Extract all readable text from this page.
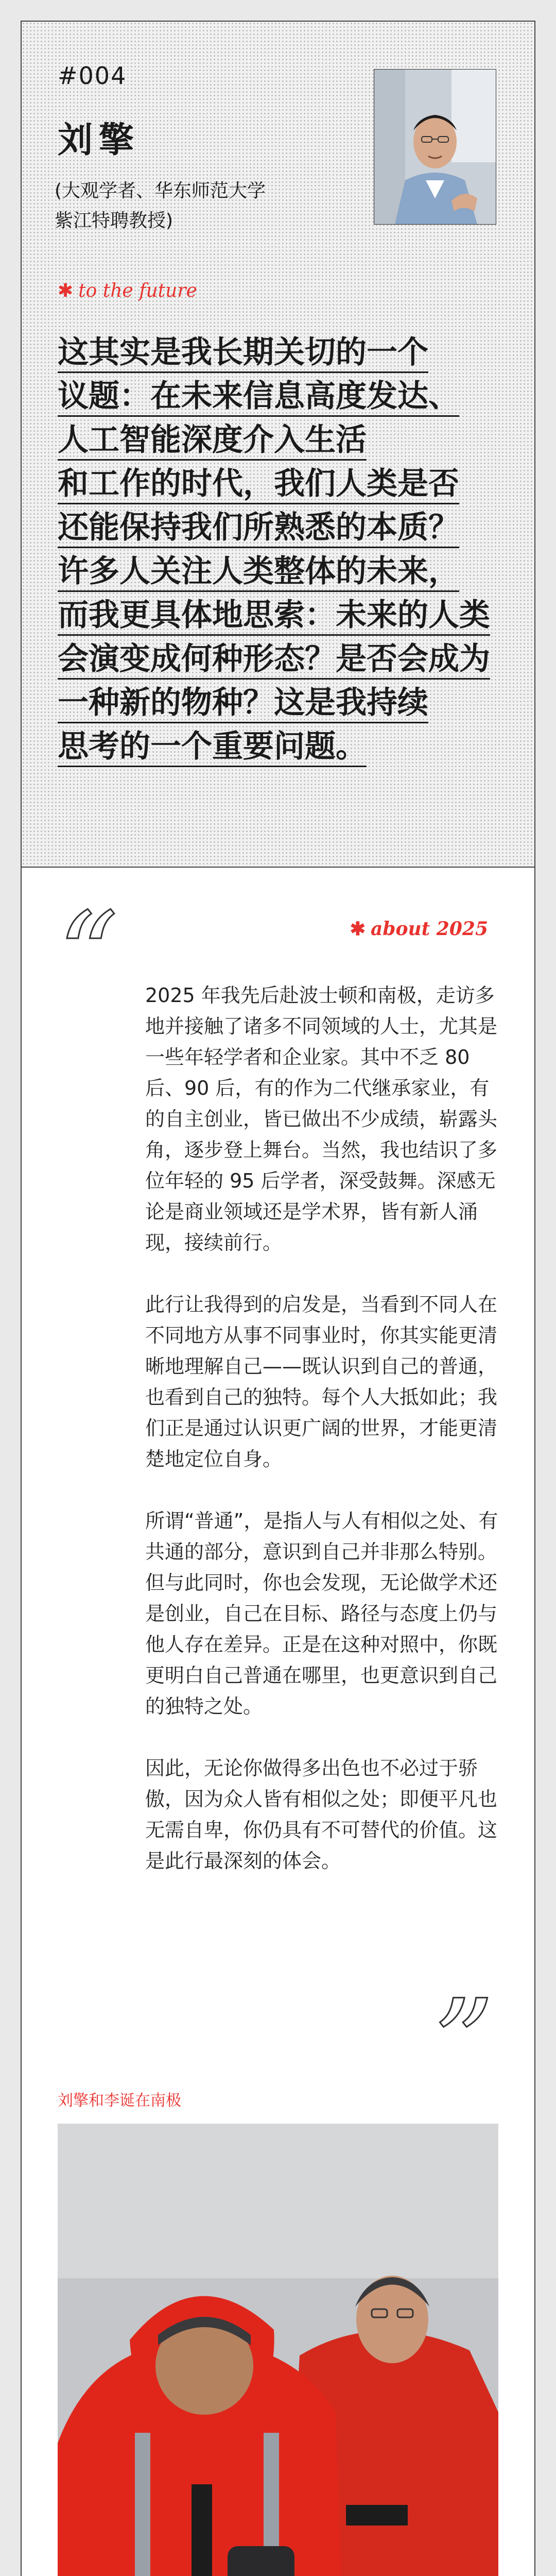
#004
刘擎
(大观学者、华东师范大学
紫江特聘教授)
✱ to the future
这其实是我长期关切的一个
议题：在未来信息高度发达、
人工智能深度介入生活
和工作的时代，我们人类是否
还能保持我们所熟悉的本质？
许多人关注人类整体的未来，
而我更具体地思索：未来的人类
会演变成何种形态？是否会成为
一种新的物种？这是我持续
思考的一个重要问题。
“	✱ about 2025

2025 年我先后赴波士顿和南极，走访多地并接触了诸多不同领域的人士，尤其是一些年轻学者和企业家。其中不乏 80 后、90 后，有的作为二代继承家业，有的自主创业，皆已做出不少成绩，崭露头角，逐步登上舞台。当然，我也结识了多位年轻的 95 后学者，深受鼓舞。深感无论是商业领域还是学术界，皆有新人涌现，接续前行。

此行让我得到的启发是，当看到不同人在不同地方从事不同事业时，你其实能更清晰地理解自己——既认识到自己的普通，也看到自己的独特。每个人大抵如此；我们正是通过认识更广阔的世界，才能更清楚地定位自身。

所谓“普通”，是指人与人有相似之处、有共通的部分，意识到自己并非那么特别。但与此同时，你也会发现，无论做学术还是创业，自己在目标、路径与态度上仍与他人存在差异。正是在这种对照中，你既更明白自己普通在哪里，也更意识到自己的独特之处。

因此，无论你做得多出色也不必过于骄傲，因为众人皆有相似之处；即便平凡也无需自卑，你仍具有不可替代的价值。这是此行最深刻的体会。

”
刘擎和李诞在南极
